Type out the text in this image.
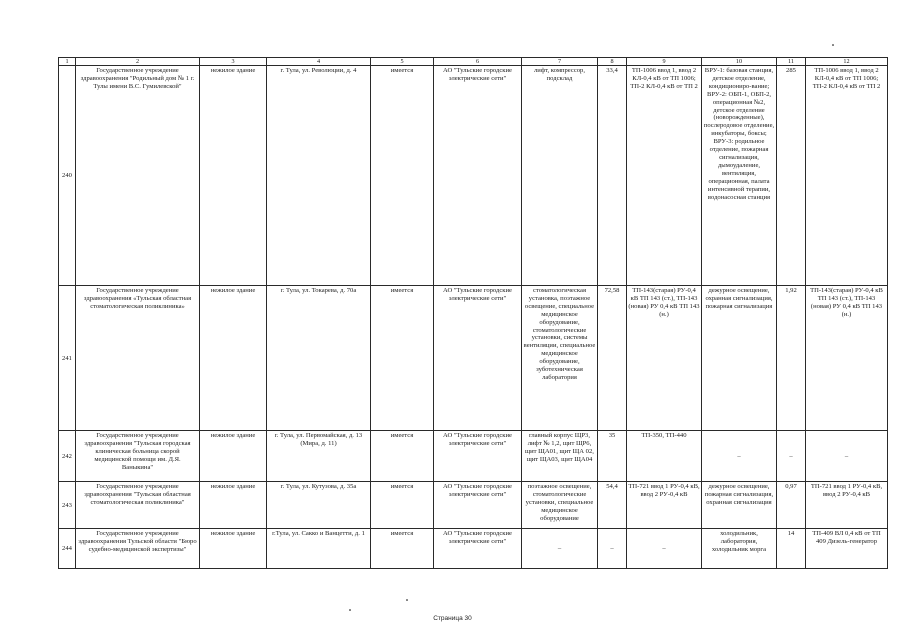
1	2	3	4	5	6	7	8	9	10	11	12
240	Государственное учреждение здравоохранения "Родильный дом № 1 г. Тулы имени В.С. Гумилевской"	нежилое здание	г. Тула, ул. Революции, д. 4	имеется	АО "Тульские городские электрические сети"	лифт, компрессор, подсклад	33,4	ТП-1006 ввод 1, ввод 2 КЛ-0,4 кВ от ТП 1006; ТП-2 КЛ-0,4 кВ от ТП 2	ВРУ-1: базовая станция, детское отделение, кондициониро-вание; ВРУ-2: ОБП-1, ОБП-2, операционная №2, детское отделение (новорожденные), послеродовое отделение, инкубаторы, боксы; ВРУ-3: родильное отделение, пожарная сигнализация, дымоудаление, вентиляция, операционная, палата интенсивной терапии, водонасосная станция	285	ТП-1006 ввод 1, ввод 2 КЛ-0,4 кВ от ТП 1006; ТП-2 КЛ-0,4 кВ от ТП 2
241	Государственное учреждение здравоохранения «Тульская областная стоматологическая поликлиника»	нежилое здание	г. Тула, ул. Токарева, д. 70а	имеется	АО "Тульские городские электрические сети"	стоматологическая установка, поэтажное освещение, специальное медицинское оборудование, стоматологические установки, системы вентиляции, специальное медицинское оборудование, зуботехническая лаборатория	72,58	ТП-143(старая) РУ-0,4 кВ ТП 143 (ст.), ТП-143 (новая) РУ 0,4 кВ ТП 143 (н.)	дежурное освещение, охранная сигнализация, пожарная сигнализация	1,92	ТП-143(старая) РУ-0,4 кВ ТП 143 (ст.), ТП-143 (новая) РУ 0,4 кВ ТП 143 (н.)
242	Государственное учреждение здравоохранения "Тульская городская клиническая больница скорой медицинской помощи им. Д.Я. Ваныкина"	нежилое здание	г. Тула, ул. Первомайская, д. 13 (Мира, д. 11)	имеется	АО "Тульские городские электрические сети"	главный корпус ЩР3, лифт № 1,2, щит ЩР6, щит ЩА01, щит ЩА 02, щит ЩА03, щит ЩА04	35	ТП-350, ТП-440	–	–	–
243	Государственное учреждение здравоохранения "Тульская областная стоматологическая поликлиника"	нежилое здание	г. Тула, ул. Кутузова, д. 35а	имеется	АО "Тульские городские электрические сети"	поэтажное освещение, стоматологические установки, специальное медицинское оборудование	54,4	ТП-721 ввод 1 РУ-0,4 кВ, ввод 2 РУ-0,4 кВ	дежурное освещение, пожарная сигнализация, охранная сигнализация	0,97	ТП-721 ввод 1 РУ-0,4 кВ, ввод 2 РУ-0,4 кВ
244	Государственное учреждение здравоохранения Тульской области "Бюро судебно-медицинской экспертизы"	нежилое здание	г.Тула, ул. Сакко и Ванцетти, д. 1	имеется	АО "Тульские городские электрические сети"	–	–	–	холодильник, лаборатория, холодильник морга	14	ТП-409 ВЛ 0,4 кВ от ТП 409 Дизель-генератор
Страница 30
